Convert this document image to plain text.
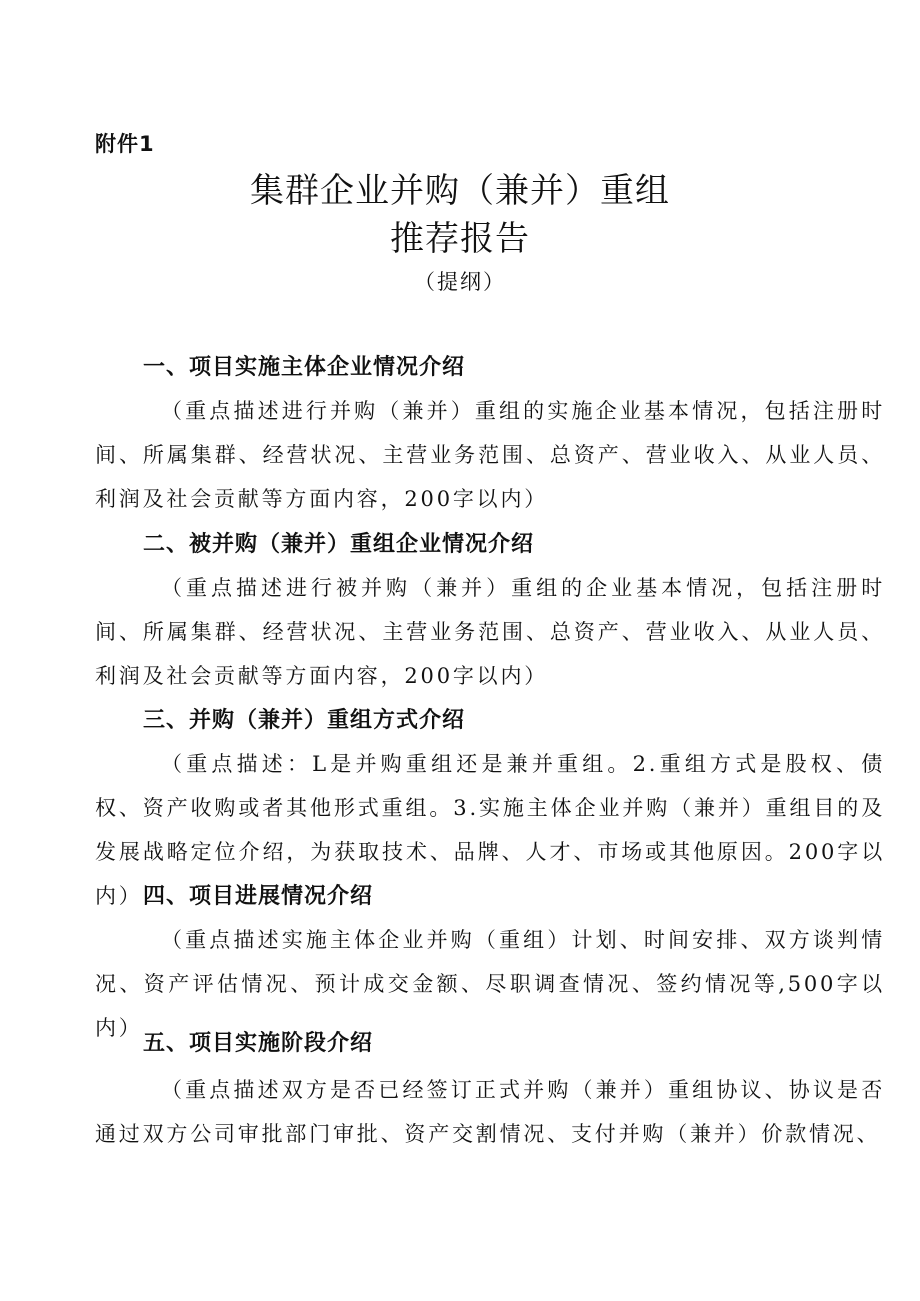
附件1
集群企业并购（兼并）重组
推荐报告
（提纲）
一、项目实施主体企业情况介绍
（重点描述进行并购（兼并）重组的实施企业基本情况，包括注册时间、所属集群、经营状况、主营业务范围、总资产、营业收入、从业人员、利润及社会贡献等方面内容，200字以内）
二、被并购（兼并）重组企业情况介绍
（重点描述进行被并购（兼并）重组的企业基本情况，包括注册时间、所属集群、经营状况、主营业务范围、总资产、营业收入、从业人员、利润及社会贡献等方面内容，200字以内）
三、并购（兼并）重组方式介绍
（重点描述：L是并购重组还是兼并重组。2.重组方式是股权、债权、资产收购或者其他形式重组。3.实施主体企业并购（兼并）重组目的及发展战略定位介绍，为获取技术、品牌、人才、市场或其他原因。200字以内） 四、项目进展情况介绍
（重点描述实施主体企业并购（重组）计划、时间安排、双方谈判情况、资产评估情况、预计成交金额、尽职调查情况、签约情况等,500字以内）
五、项目实施阶段介绍
（重点描述双方是否已经签订正式并购（兼并）重组协议、协议是否通过双方公司审批部门审批、资产交割情况、支付并购（兼并）价款情况、
